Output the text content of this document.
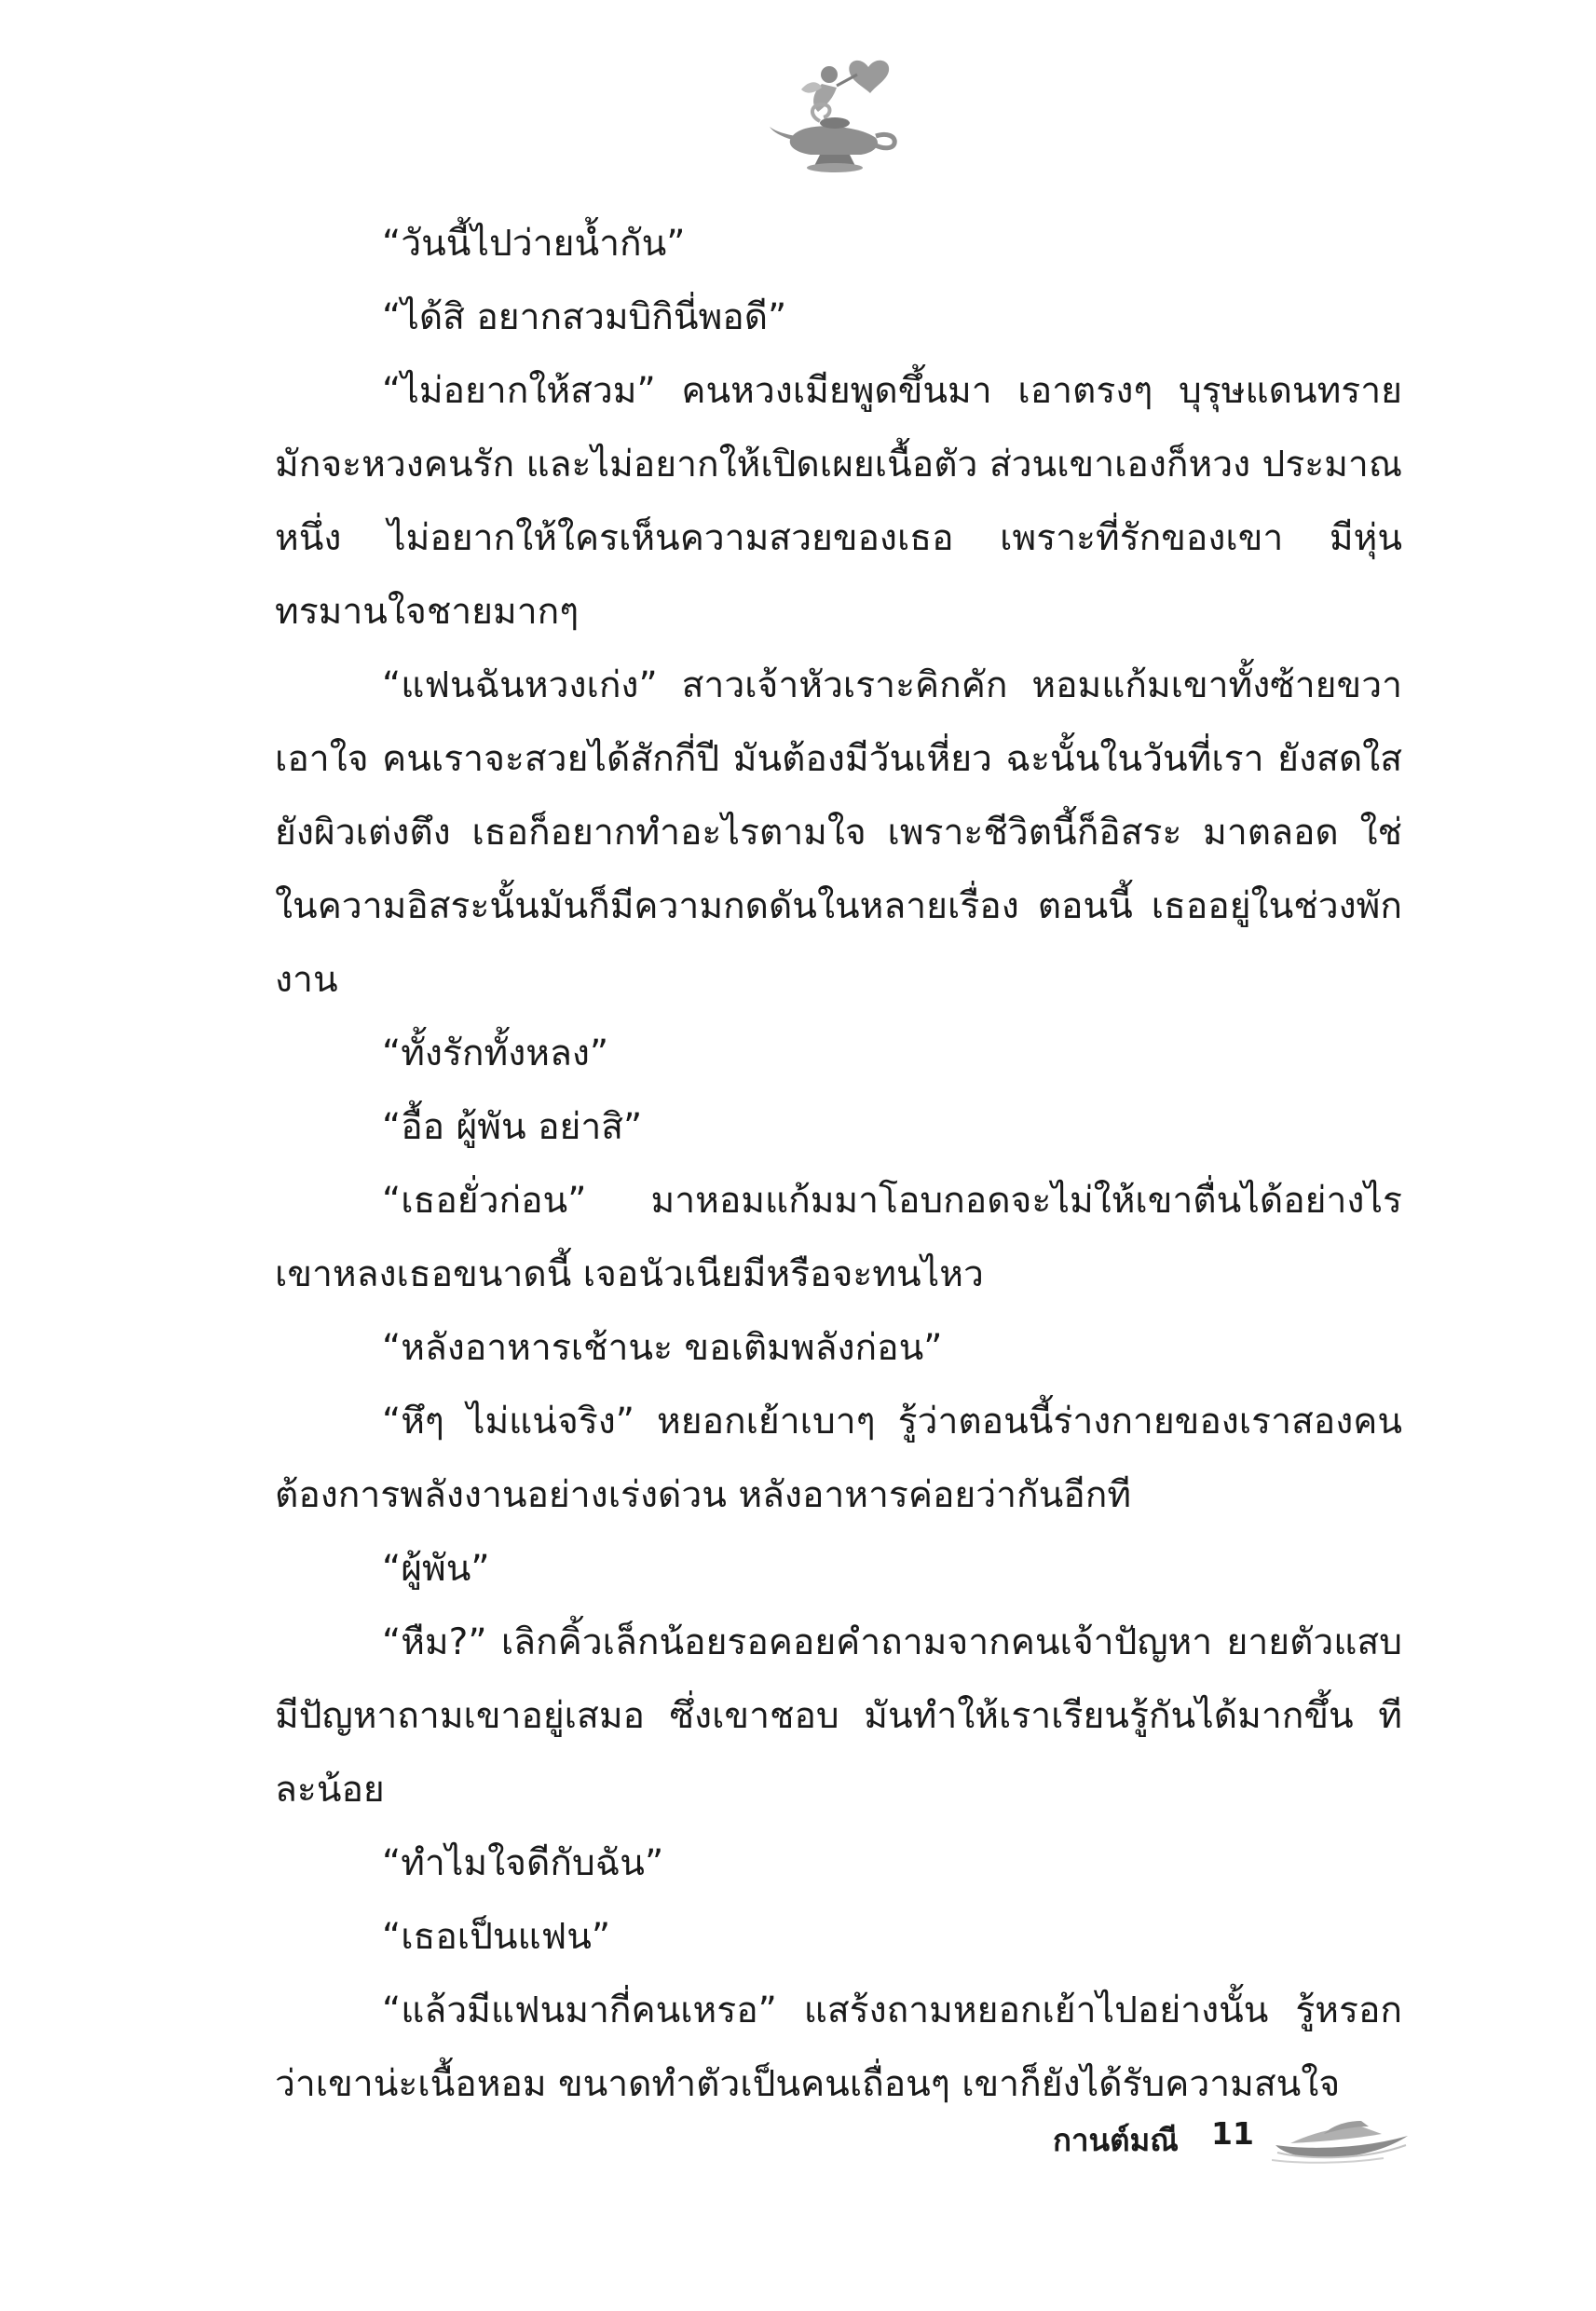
“วันนี้ไปว่ายน้ำกัน”

“ได้สิ อยากสวมบิกินี่พอดี”

“ไม่อยากให้สวม” คนหวงเมียพูดขึ้นมา เอาตรงๆ บุรุษแดนทราย มักจะหวงคนรัก และไม่อยากให้เปิดเผยเนื้อตัว ส่วนเขาเองก็หวง ประมาณหนึ่ง ไม่อยากให้ใครเห็นความสวยของเธอ เพราะที่รักของเขา มีหุ่นทรมานใจชายมากๆ

“แฟนฉันหวงเก่ง” สาวเจ้าหัวเราะคิกคัก หอมแก้มเขาทั้งซ้ายขวา เอาใจ คนเราจะสวยได้สักกี่ปี มันต้องมีวันเหี่ยว ฉะนั้นในวันที่เรา ยังสดใส ยังผิวเต่งตึง เธอก็อยากทำอะไรตามใจ เพราะชีวิตนี้ก็อิสระ มาตลอด ใช่ ในความอิสระนั้นมันก็มีความกดดันในหลายเรื่อง ตอนนี้ เธออยู่ในช่วงพักงาน

“ทั้งรักทั้งหลง”

“อื้อ ผู้พัน อย่าสิ”

“เธอยั่วก่อน” มาหอมแก้มมาโอบกอดจะไม่ให้เขาตื่นได้อย่างไร เขาหลงเธอขนาดนี้ เจอนัวเนียมีหรือจะทนไหว

“หลังอาหารเช้านะ ขอเติมพลังก่อน”

“หึๆ ไม่แน่จริง” หยอกเย้าเบาๆ รู้ว่าตอนนี้ร่างกายของเราสองคน ต้องการพลังงานอย่างเร่งด่วน หลังอาหารค่อยว่ากันอีกที

“ผู้พัน”

“หืม?” เลิกคิ้วเล็กน้อยรอคอยคำถามจากคนเจ้าปัญหา ยายตัวแสบ มีปัญหาถามเขาอยู่เสมอ ซึ่งเขาชอบ มันทำให้เราเรียนรู้กันได้มากขึ้น ทีละน้อย

“ทำไมใจดีกับฉัน”

“เธอเป็นแฟน”

“แล้วมีแฟนมากี่คนเหรอ” แสร้งถามหยอกเย้าไปอย่างนั้น รู้หรอก ว่าเขาน่ะเนื้อหอม ขนาดทำตัวเป็นคนเถื่อนๆ เขาก็ยังได้รับความสนใจ

กานต์มณี 11
